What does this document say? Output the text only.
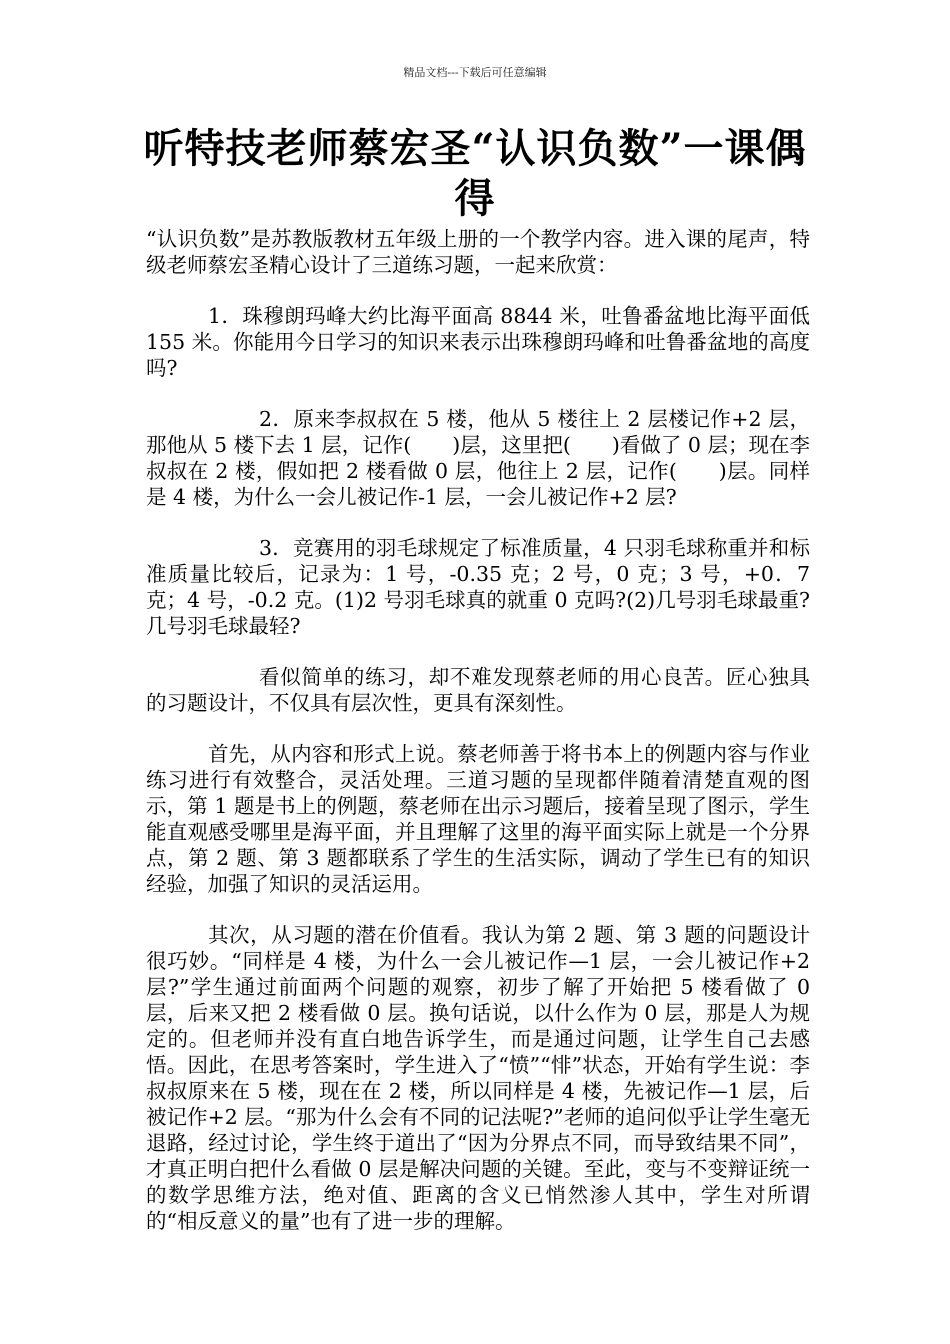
精品文档---下载后可任意编辑
听特技老师蔡宏圣“认识负数”一课偶得

“认识负数”是苏教版教材五年级上册的一个教学内容。进入课的尾声，特级老师蔡宏圣精心设计了三道练习题，一起来欣赏：

1．珠穆朗玛峰大约比海平面高 8844 米，吐鲁番盆地比海平面低 155 米。你能用今日学习的知识来表示出珠穆朗玛峰和吐鲁番盆地的高度吗?

2．原来李叔叔在 5 楼，他从 5 楼往上 2 层楼记作+2 层，那他从 5 楼下去 1 层，记作(　　)层，这里把(　　)看做了 0 层；现在李叔叔在 2 楼，假如把 2 楼看做 0 层，他往上 2 层，记作(　　)层。同样是 4 楼，为什么一会儿被记作-1 层，一会儿被记作+2 层?

3．竞赛用的羽毛球规定了标准质量，4 只羽毛球称重并和标准质量比较后，记录为：1 号，-0.35 克；2 号，0 克；3 号，+0．7 克；4 号，-0.2 克。(1)2 号羽毛球真的就重 0 克吗?(2)几号羽毛球最重?几号羽毛球最轻?

看似简单的练习，却不难发现蔡老师的用心良苦。匠心独具的习题设计，不仅具有层次性，更具有深刻性。

首先，从内容和形式上说。蔡老师善于将书本上的例题内容与作业练习进行有效整合，灵活处理。三道习题的呈现都伴随着清楚直观的图示，第 1 题是书上的例题，蔡老师在出示习题后，接着呈现了图示，学生能直观感受哪里是海平面，并且理解了这里的海平面实际上就是一个分界点，第 2 题、第 3 题都联系了学生的生活实际，调动了学生已有的知识经验，加强了知识的灵活运用。

其次，从习题的潜在价值看。我认为第 2 题、第 3 题的问题设计很巧妙。“同样是 4 楼，为什么一会儿被记作—1 层，一会儿被记作+2 层?”学生通过前面两个问题的观察，初步了解了开始把 5 楼看做了 0 层，后来又把 2 楼看做 0 层。换句话说，以什么作为 0 层，那是人为规定的。但老师并没有直白地告诉学生，而是通过问题，让学生自己去感悟。因此，在思考答案时，学生进入了“愤”“悱”状态，开始有学生说：李叔叔原来在 5 楼，现在在 2 楼，所以同样是 4 楼，先被记作—1 层，后被记作+2 层。“那为什么会有不同的记法呢?”老师的追问似乎让学生毫无退路，经过讨论，学生终于道出了“因为分界点不同，而导致结果不同”，才真正明白把什么看做 0 层是解决问题的关键。至此，变与不变辩证统一的数学思维方法，绝对值、距离的含义已悄然渗人其中，学生对所谓的“相反意义的量”也有了进一步的理解。
